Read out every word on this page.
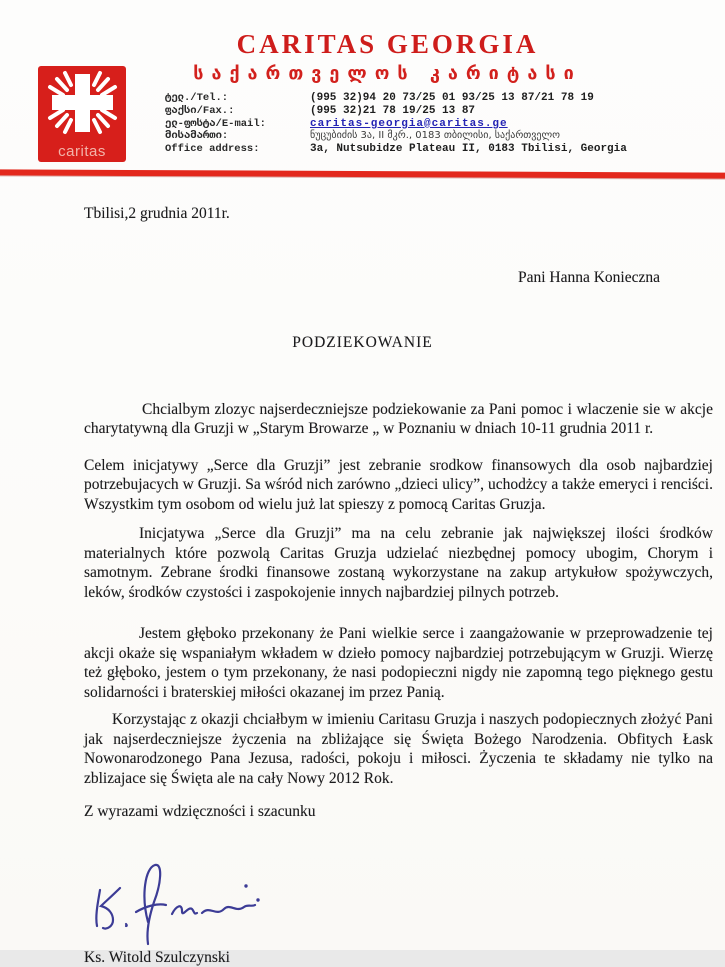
caritas
CARITAS GEORGIA
საქართველოს კარიტასი
ტელ./Tel.:	(995 32)94 20 73/25 01 93/25 13 87/21 78 19
ფაქსი/Fax.:	(995 32)21 78 19/25 13 87
ელ-ფოსტა/E-mail:	caritas-georgia@caritas.ge
მისამართი:	ნუცუბიძის 3ა, II მკრ., 0183 თბილისი, საქართველო
Office address:	3a, Nutsubidze Plateau II, 0183 Tbilisi, Georgia
Tbilisi,2 grudnia 2011r.
Pani Hanna Konieczna
PODZIEKOWANIE
Chcialbym zlozyc najserdeczniejsze podziekowanie za Pani pomoc i wlaczenie sie w akcje charytatywną dla Gruzji w „Starym Browarze „ w Poznaniu w dniach 10-11 grudnia 2011 r.
Celem inicjatywy „Serce dla Gruzji” jest zebranie srodkow finansowych dla osob najbardziej potrzebujacych w Gruzji. Sa wśród nich zarówno „dzieci ulicy”, uchodżcy a także emeryci i renciści. Wszystkim tym osobom od wielu już lat spieszy z pomocą Caritas Gruzja.
Inicjatywa „Serce dla Gruzji” ma na celu zebranie jak największej ilości środków materialnych które pozwolą Caritas Gruzja udzielać niezbędnej pomocy ubogim, Chorym i samotnym. Zebrane środki finansowe zostaną wykorzystane na zakup artykułow spożywczych, leków, środków czystości i zaspokojenie innych najbardziej pilnych potrzeb.
Jestem głęboko przekonany że Pani wielkie serce i zaangażowanie w przeprowadzenie tej akcji okaże się wspaniałym wkładem w dzieło pomocy najbardziej potrzebującym w Gruzji. Wierzę też głęboko, jestem o tym przekonany, że nasi podopieczni nigdy nie zapomną tego pięknego gestu solidarności i braterskiej miłości okazanej im przez Panią.
Korzystając z okazji chciałbym w imieniu Caritasu Gruzja i naszych podopiecznych złożyć Pani jak najserdeczniejsze życzenia na zbliżające się Święta Bożego Narodzenia. Obfitych Łask Nowonarodzonego Pana Jezusa, radości, pokoju i miłosci. Życzenia te składamy nie tylko na zblizajace się Święta ale na cały Nowy 2012 Rok.
Z wyrazami wdzięczności i szacunku
Ks. Witold Szulczynski
